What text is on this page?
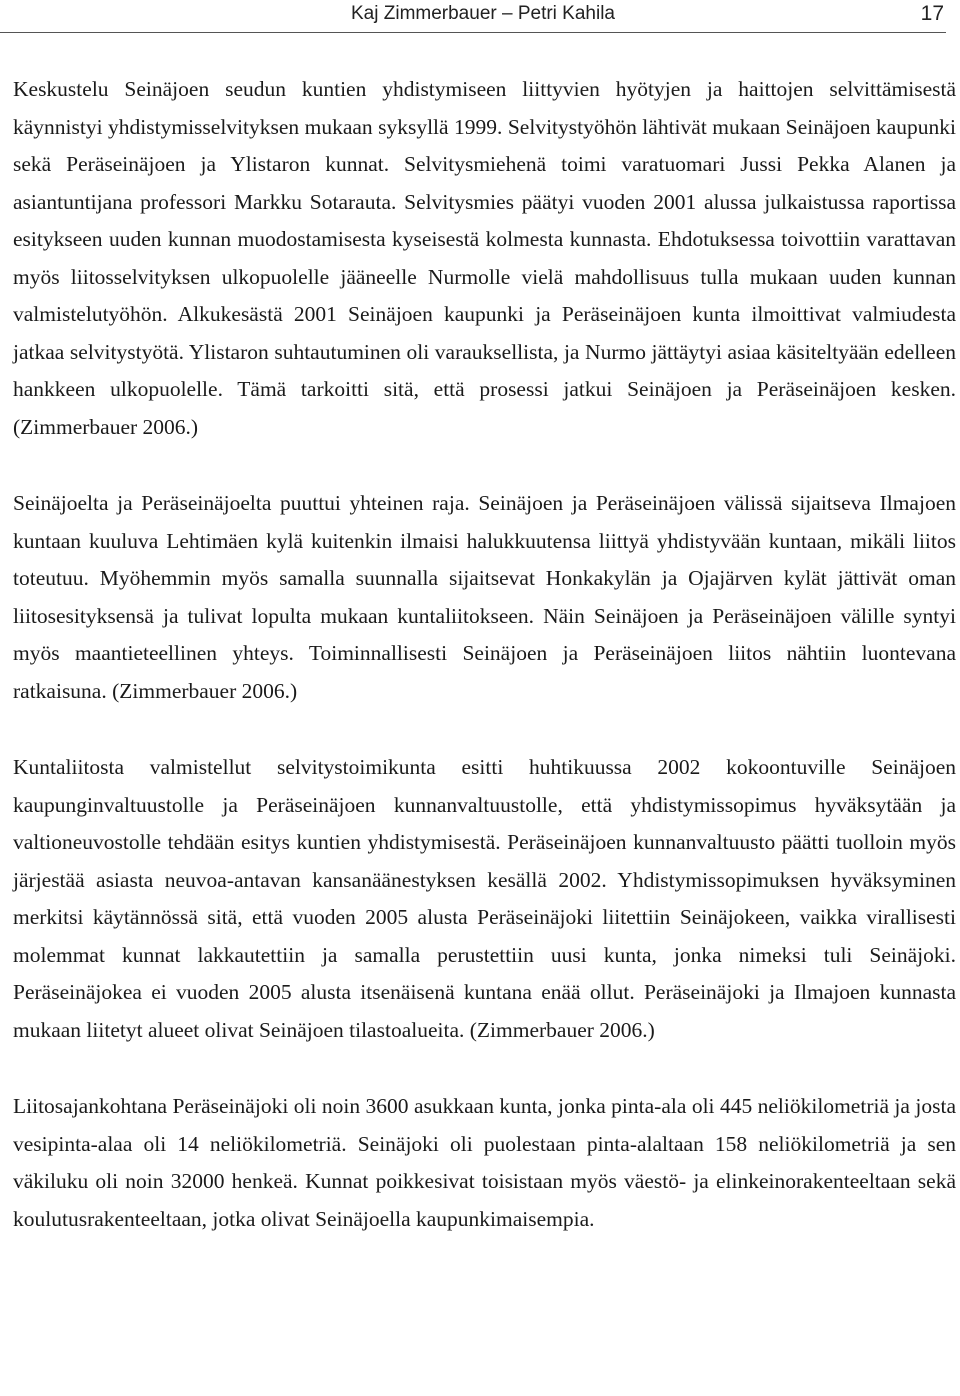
Kaj Zimmerbauer – Petri Kahila	17

Keskustelu Seinäjoen seudun kuntien yhdistymiseen liittyvien hyötyjen ja haittojen selvittämisestä käynnistyi yhdistymisselvityksen mukaan syksyllä 1999. Selvitystyöhön lähtivät mukaan Seinäjoen kaupunki sekä Peräseinäjoen ja Ylistaron kunnat. Selvitysmiehenä toimi varatuomari Jussi Pekka Alanen ja asiantuntijana professori Markku Sotarauta. Selvitysmies päätyi vuoden 2001 alussa julkaistussa raportissa esitykseen uuden kunnan muodostamisesta kyseisestä kolmesta kunnasta. Ehdotuksessa toivottiin varattavan myös liitosselvityksen ulkopuolelle jääneelle Nurmolle vielä mahdollisuus tulla mukaan uuden kunnan valmistelutyöhön. Alkukesästä 2001 Seinäjoen kaupunki ja Peräseinäjoen kunta ilmoittivat valmiudesta jatkaa selvitystyötä. Ylistaron suhtautuminen oli varauksellista, ja Nurmo jättäytyi asiaa käsiteltyään edelleen hankkeen ulkopuolelle. Tämä tarkoitti sitä, että prosessi jatkui Seinäjoen ja Peräseinäjoen kesken. (Zimmerbauer 2006.)

Seinäjoelta ja Peräseinäjoelta puuttui yhteinen raja. Seinäjoen ja Peräseinäjoen välissä sijaitseva Ilmajoen kuntaan kuuluva Lehtimäen kylä kuitenkin ilmaisi halukkuutensa liittyä yhdistyvään kuntaan, mikäli liitos toteutuu. Myöhemmin myös samalla suunnalla sijaitsevat Honkakylän ja Ojajärven kylät jättivät oman liitosesityksensä ja tulivat lopulta mukaan kuntaliitokseen. Näin Seinäjoen ja Peräseinäjoen välille syntyi myös maantieteellinen yhteys. Toiminnallisesti Seinäjoen ja Peräseinäjoen liitos nähtiin luontevana ratkaisuna. (Zimmerbauer 2006.)

Kuntaliitosta valmistellut selvitystoimikunta esitti huhtikuussa 2002 kokoontuville Seinäjoen kaupunginvaltuustolle ja Peräseinäjoen kunnanvaltuustolle, että yhdistymissopimus hyväksytään ja valtioneuvostolle tehdään esitys kuntien yhdistymisestä. Peräseinäjoen kunnanvaltuusto päätti tuolloin myös järjestää asiasta neuvoa-antavan kansanäänestyksen kesällä 2002. Yhdistymissopimuksen hyväksyminen merkitsi käytännössä sitä, että vuoden 2005 alusta Peräseinäjoki liitettiin Seinäjokeen, vaikka virallisesti molemmat kunnat lakkautettiin ja samalla perustettiin uusi kunta, jonka nimeksi tuli Seinäjoki. Peräseinäjokea ei vuoden 2005 alusta itsenäisenä kuntana enää ollut. Peräseinäjoki ja Ilmajoen kunnasta mukaan liitetyt alueet olivat Seinäjoen tilastoalueita. (Zimmerbauer 2006.)

Liitosajankohtana Peräseinäjoki oli noin 3600 asukkaan kunta, jonka pinta-ala oli 445 neliökilometriä ja josta vesipinta-alaa oli 14 neliökilometriä. Seinäjoki oli puolestaan pinta-alaltaan 158 neliökilometriä ja sen väkiluku oli noin 32000 henkeä. Kunnat poikkesivat toisistaan myös väestö- ja elinkeinorakenteeltaan sekä koulutusrakenteeltaan, jotka olivat Seinäjoella kaupunkimaisempia.
